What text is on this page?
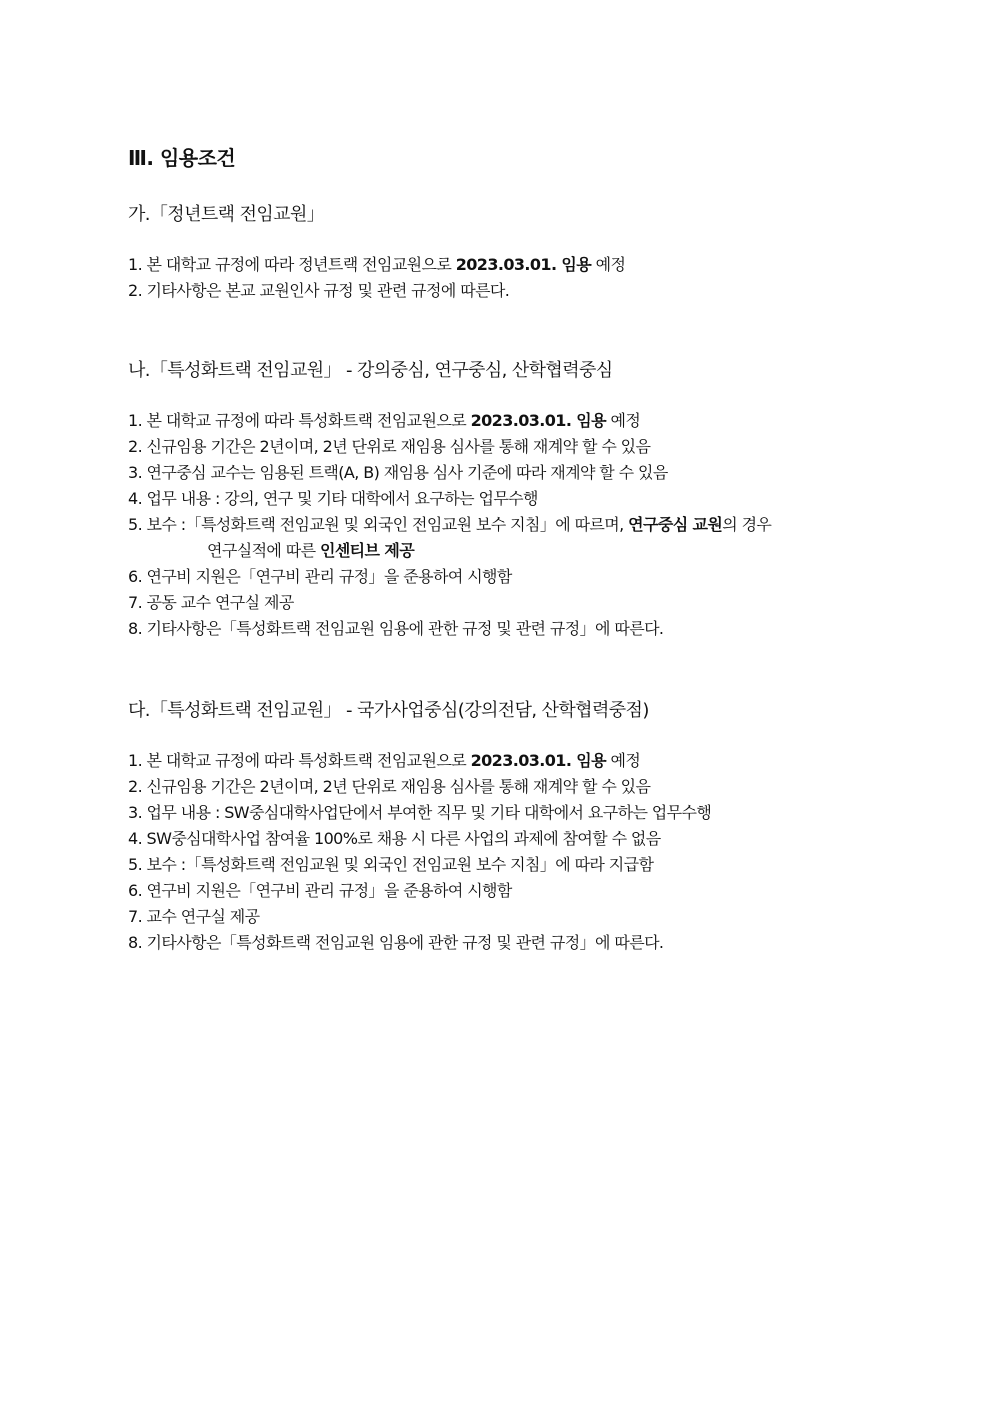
Ⅲ. 임용조건
가.「정년트랙 전임교원」
1. 본 대학교 규정에 따라 정년트랙 전임교원으로 2023.03.01. 임용 예정
2. 기타사항은 본교 교원인사 규정 및 관련 규정에 따른다.
나.「특성화트랙 전임교원」 - 강의중심, 연구중심, 산학협력중심
1. 본 대학교 규정에 따라 특성화트랙 전임교원으로 2023.03.01. 임용 예정
2. 신규임용 기간은 2년이며, 2년 단위로 재임용 심사를 통해 재계약 할 수 있음
3. 연구중심 교수는 임용된 트랙(A, B) 재임용 심사 기준에 따라 재계약 할 수 있음
4. 업무 내용 : 강의, 연구 및 기타 대학에서 요구하는 업무수행
5. 보수 :「특성화트랙 전임교원 및 외국인 전임교원 보수 지침」에 따르며, 연구중심 교원의 경우
연구실적에 따른 인센티브 제공
6. 연구비 지원은「연구비 관리 규정」을 준용하여 시행함
7. 공동 교수 연구실 제공
8. 기타사항은「특성화트랙 전임교원 임용에 관한 규정 및 관련 규정」에 따른다.
다.「특성화트랙 전임교원」 - 국가사업중심(강의전담, 산학협력중점)
1. 본 대학교 규정에 따라 특성화트랙 전임교원으로 2023.03.01. 임용 예정
2. 신규임용 기간은 2년이며, 2년 단위로 재임용 심사를 통해 재계약 할 수 있음
3. 업무 내용 : SW중심대학사업단에서 부여한 직무 및 기타 대학에서 요구하는 업무수행
4. SW중심대학사업 참여율 100%로 채용 시 다른 사업의 과제에 참여할 수 없음
5. 보수 :「특성화트랙 전임교원 및 외국인 전임교원 보수 지침」에 따라 지급함
6. 연구비 지원은「연구비 관리 규정」을 준용하여 시행함
7. 교수 연구실 제공
8. 기타사항은「특성화트랙 전임교원 임용에 관한 규정 및 관련 규정」에 따른다.
